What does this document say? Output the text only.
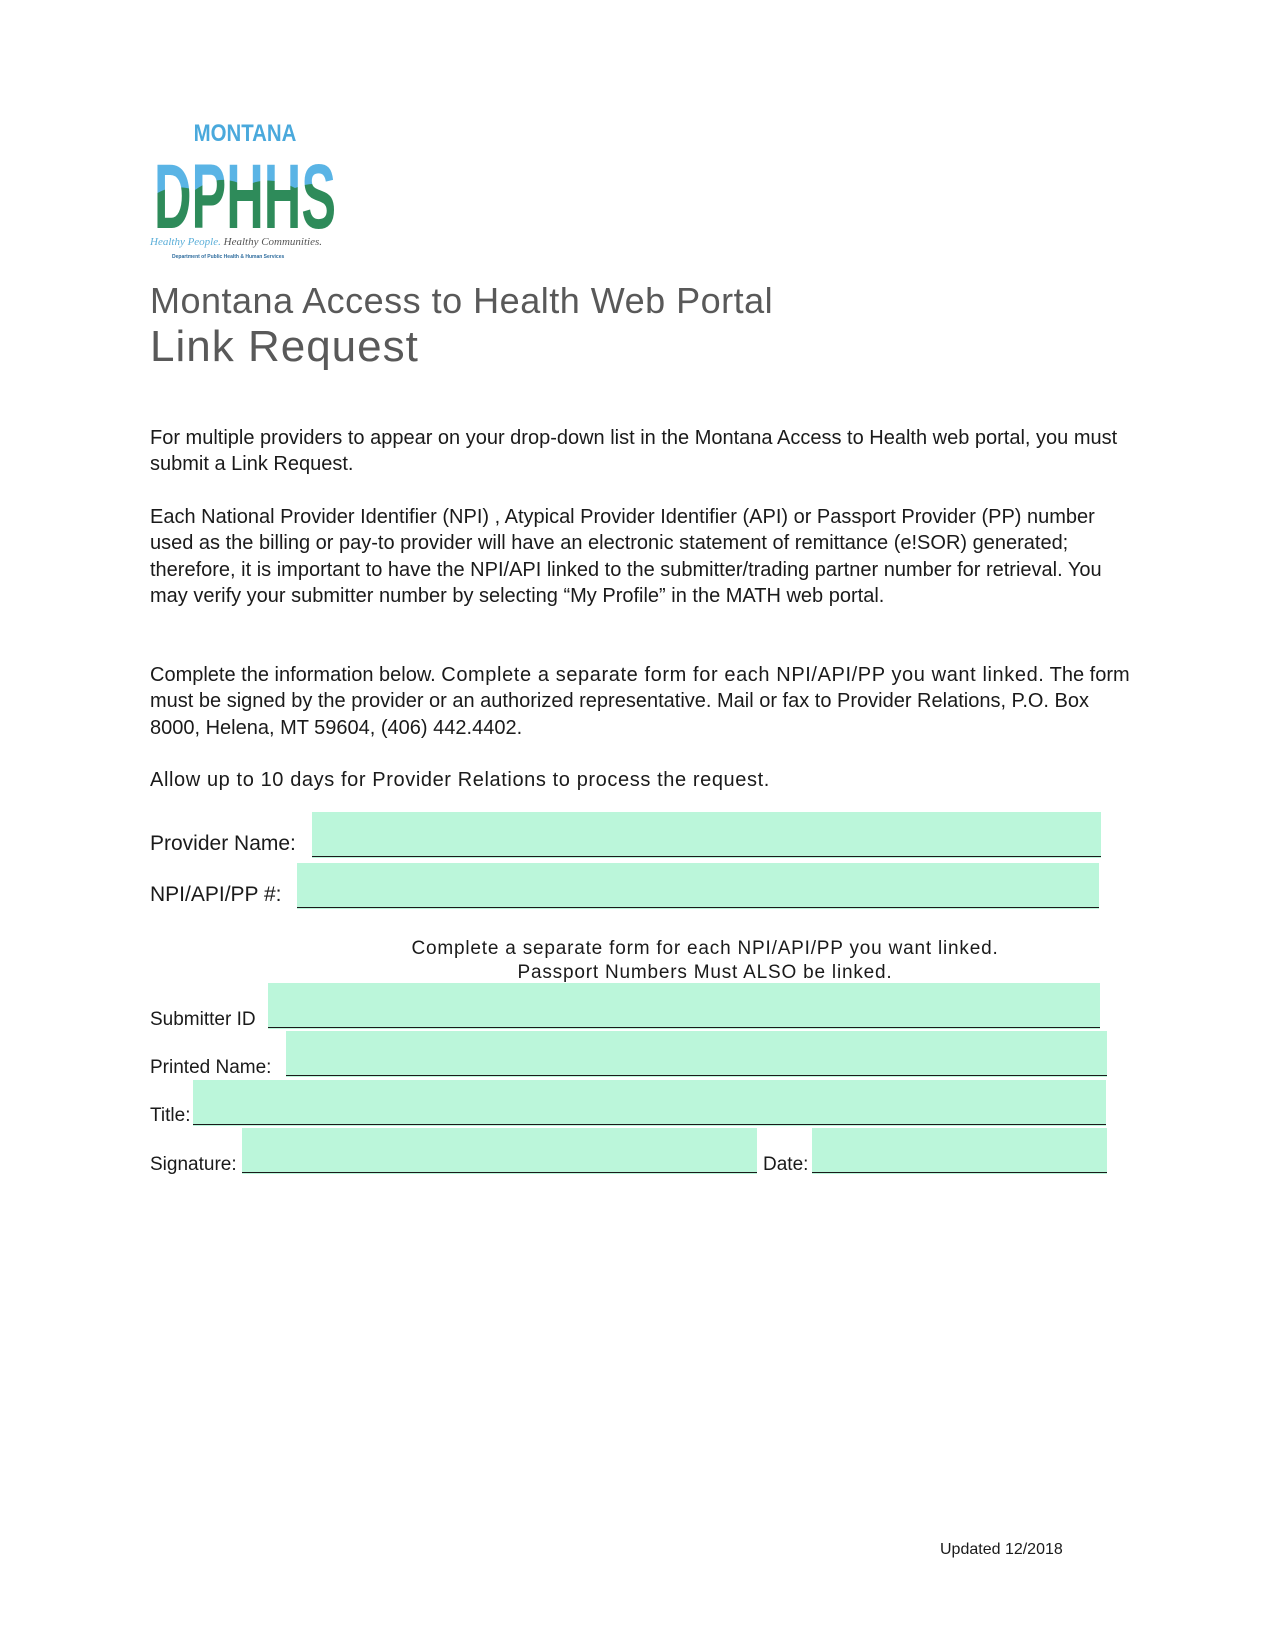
MONTANA
Healthy People. Healthy Communities.
Department of Public Health & Human Services
Montana Access to Health Web Portal
Link Request
For multiple providers to appear on your drop-down list in the Montana Access to Health web portal, you must submit a Link Request.
Each National Provider Identifier (NPI) , Atypical Provider Identifier (API) or Passport Provider (PP) number used as the billing or pay-to provider will have an electronic statement of remittance (e!SOR) generated; therefore, it is important to have the NPI/API linked to the submitter/trading partner number for retrieval. You may verify your submitter number by selecting “My Profile” in the MATH web portal.
Complete the information below. Complete a separate form for each NPI/API/PP you want linked. The form must be signed by the provider or an authorized representative. Mail or fax to Provider Relations, P.O. Box 8000, Helena, MT 59604, (406) 442.4402.
Allow up to 10 days for Provider Relations to process the request.
Provider Name:
NPI/API/PP #:
Complete a separate form for each NPI/API/PP you want linked.
Passport Numbers Must ALSO be linked.
Submitter ID
Printed Name:
Title:
Signature:	Date:
Updated 12/2018
